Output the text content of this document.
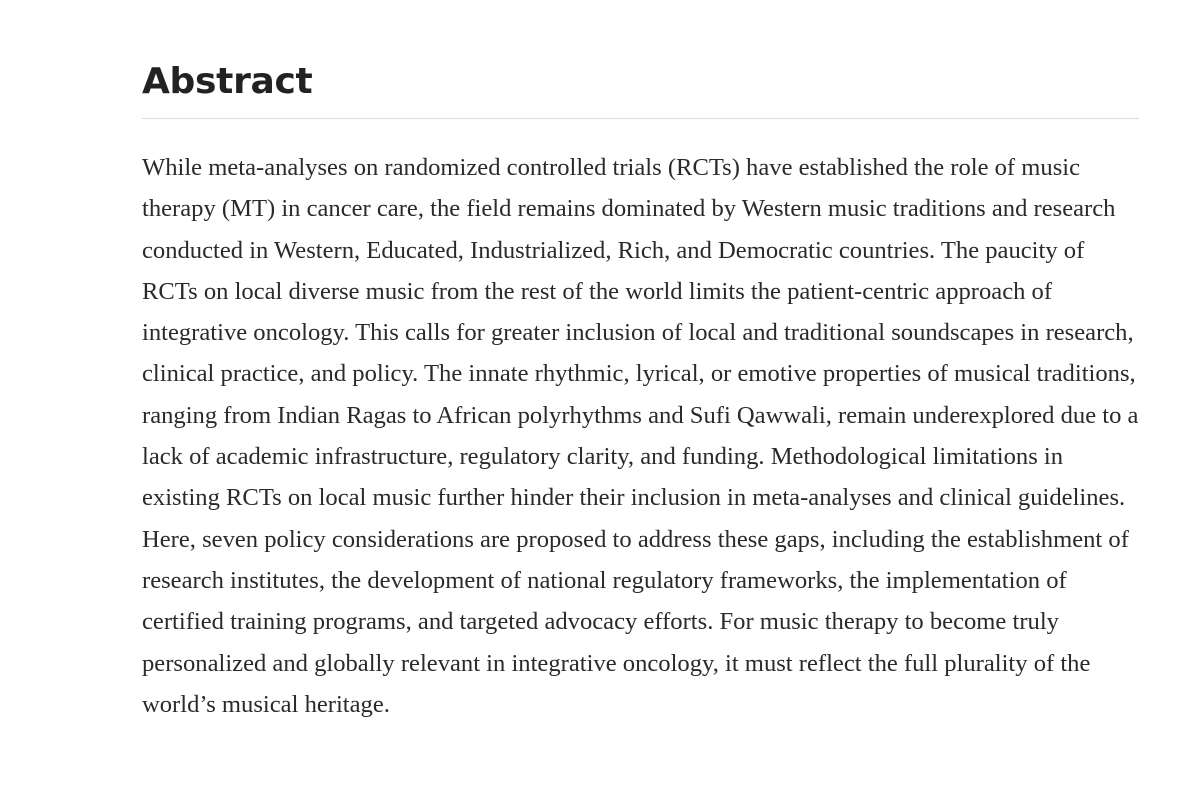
Abstract

While meta-analyses on randomized controlled trials (RCTs) have established the role of music therapy (MT) in cancer care, the field remains dominated by Western music traditions and research conducted in Western, Educated, Industrialized, Rich, and Democratic countries. The paucity of RCTs on local diverse music from the rest of the world limits the patient-centric approach of integrative oncology. This calls for greater inclusion of local and traditional soundscapes in research, clinical practice, and policy. The innate rhythmic, lyrical, or emotive properties of musical traditions, ranging from Indian Ragas to African polyrhythms and Sufi Qawwali, remain underexplored due to a lack of academic infrastructure, regulatory clarity, and funding. Methodological limitations in existing RCTs on local music further hinder their inclusion in meta-analyses and clinical guidelines. Here, seven policy considerations are proposed to address these gaps, including the establishment of research institutes, the development of national regulatory frameworks, the implementation of certified training programs, and targeted advocacy efforts. For music therapy to become truly personalized and globally relevant in integrative oncology, it must reflect the full plurality of the world’s musical heritage.
